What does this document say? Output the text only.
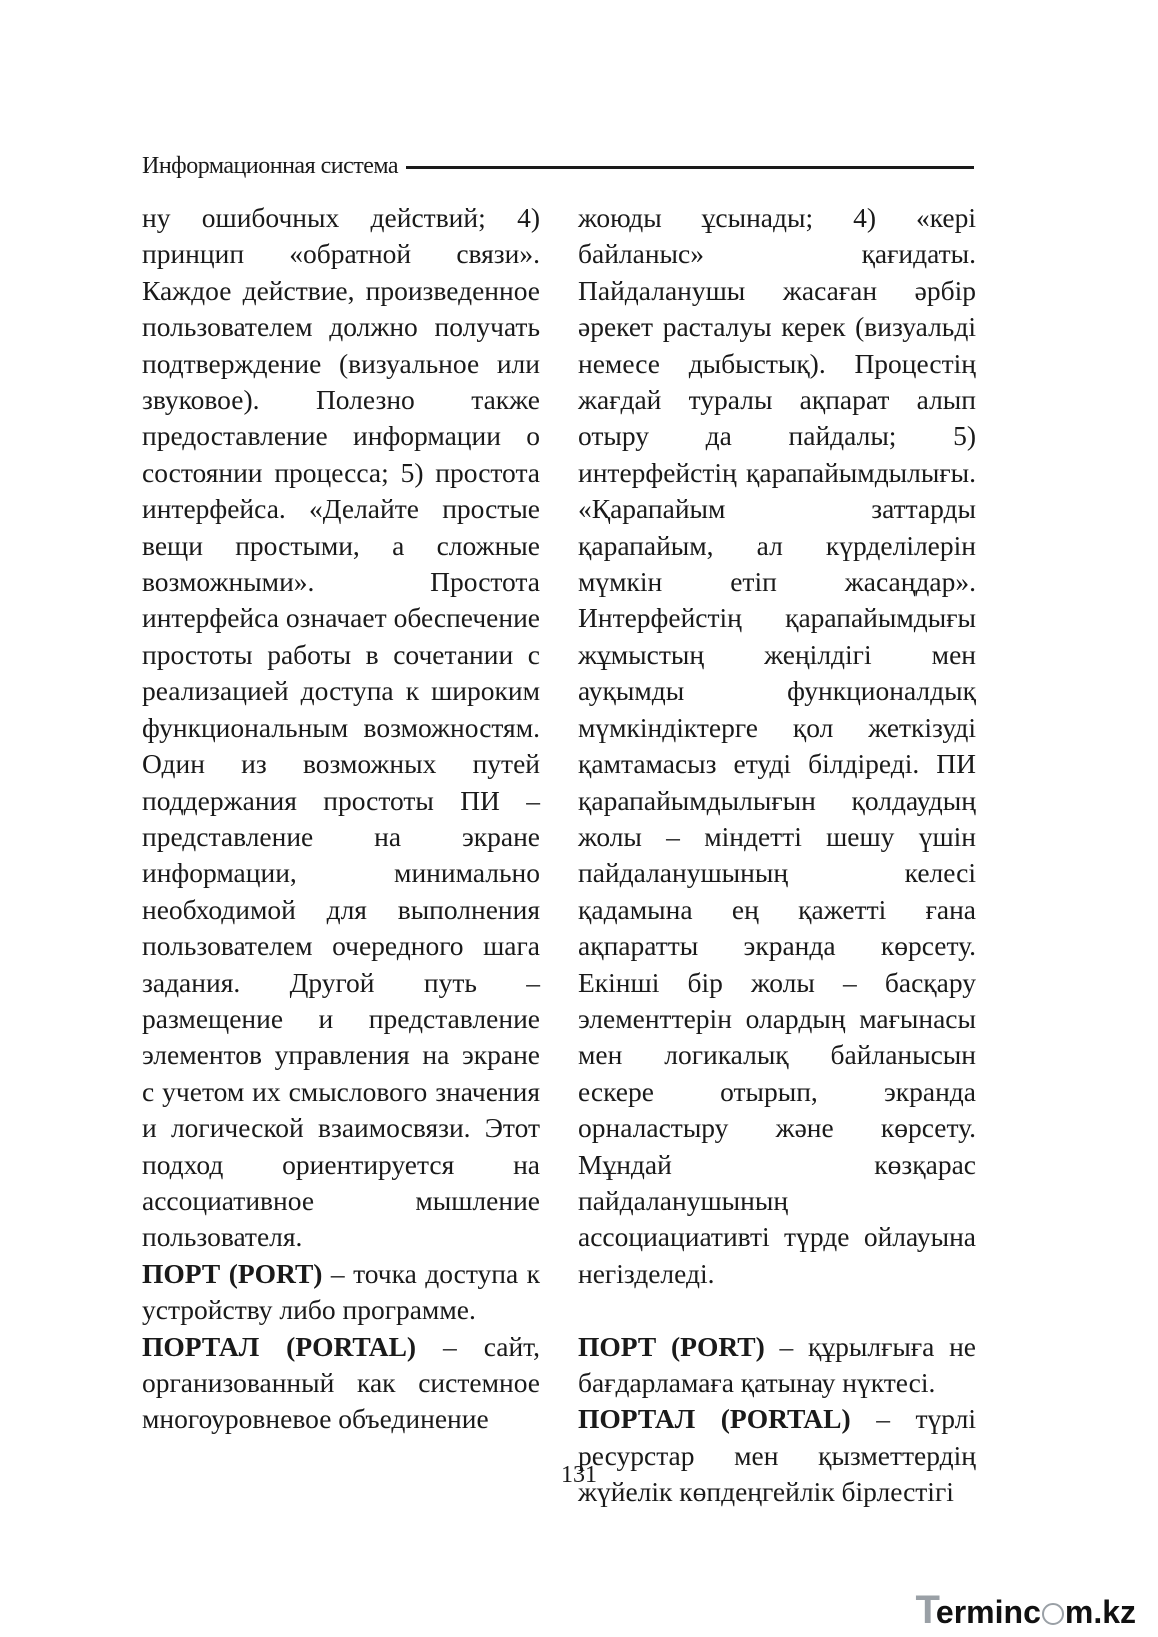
Информационная система

ну ошибочных действий; 4) принцип «обратной связи». Каждое действие, произведенное пользователем должно получать подтверждение (визуальное или звуковое). Полезно также предоставление информации о состоянии процесса; 5) простота интерфейса. «Делайте простые вещи простыми, а сложные возможными». Простота интерфейса означает обеспечение простоты работы в сочетании с реализацией доступа к широким функциональным возможностям. Один из возможных путей поддержания простоты ПИ – представление на экране информации, минимально необходимой для выполнения пользователем очередного шага задания. Другой путь – размещение и представление элементов управления на экране с учетом их смыслового значения и логической взаимосвязи. Этот подход ориентируется на ассоциативное мышление пользователя.

ПОРТ (PORT) – точка доступа к устройству либо программе.

ПОРТАЛ (PORTAL) – сайт, организованный как системное многоуровневое объединение

жоюды ұсынады; 4) «кері байланыс» қағидаты. Пайдаланушы жасаған әрбір әрекет расталуы керек (визуальді немесе дыбыстық). Процестің жағдай туралы ақпарат алып отыру да пайдалы; 5) интерфейстің қарапайымдылығы. «Қарапайым заттарды қарапайым, ал күрделілерін мүмкін етіп жасаңдар». Интерфейстің қарапайымдығы жұмыстың жеңілдігі мен ауқымды функционалдық мүмкіндіктерге қол жеткізуді қамтамасыз етуді білдіреді. ПИ қарапайымдылығын қолдаудың жолы – міндетті шешу үшін пайдаланушының келесі қадамына ең қажетті ғана ақпаратты экранда көрсету. Екінші бір жолы – басқару элементтерін олардың мағынасы мен логикалық байланысын ескере отырып, экранда орналастыру және көрсету. Мұндай көзқарас пайдаланушының ассоциациативті түрде ойлауына негізделеді.

ПОРТ (PORT) – құрылғыға не бағдарламаға қатынау нүктесі.

ПОРТАЛ (PORTAL) – түрлі ресурстар мен қызметтердің жүйелік көпдеңгейлік бірлестігі

131
Terminc m.kz
